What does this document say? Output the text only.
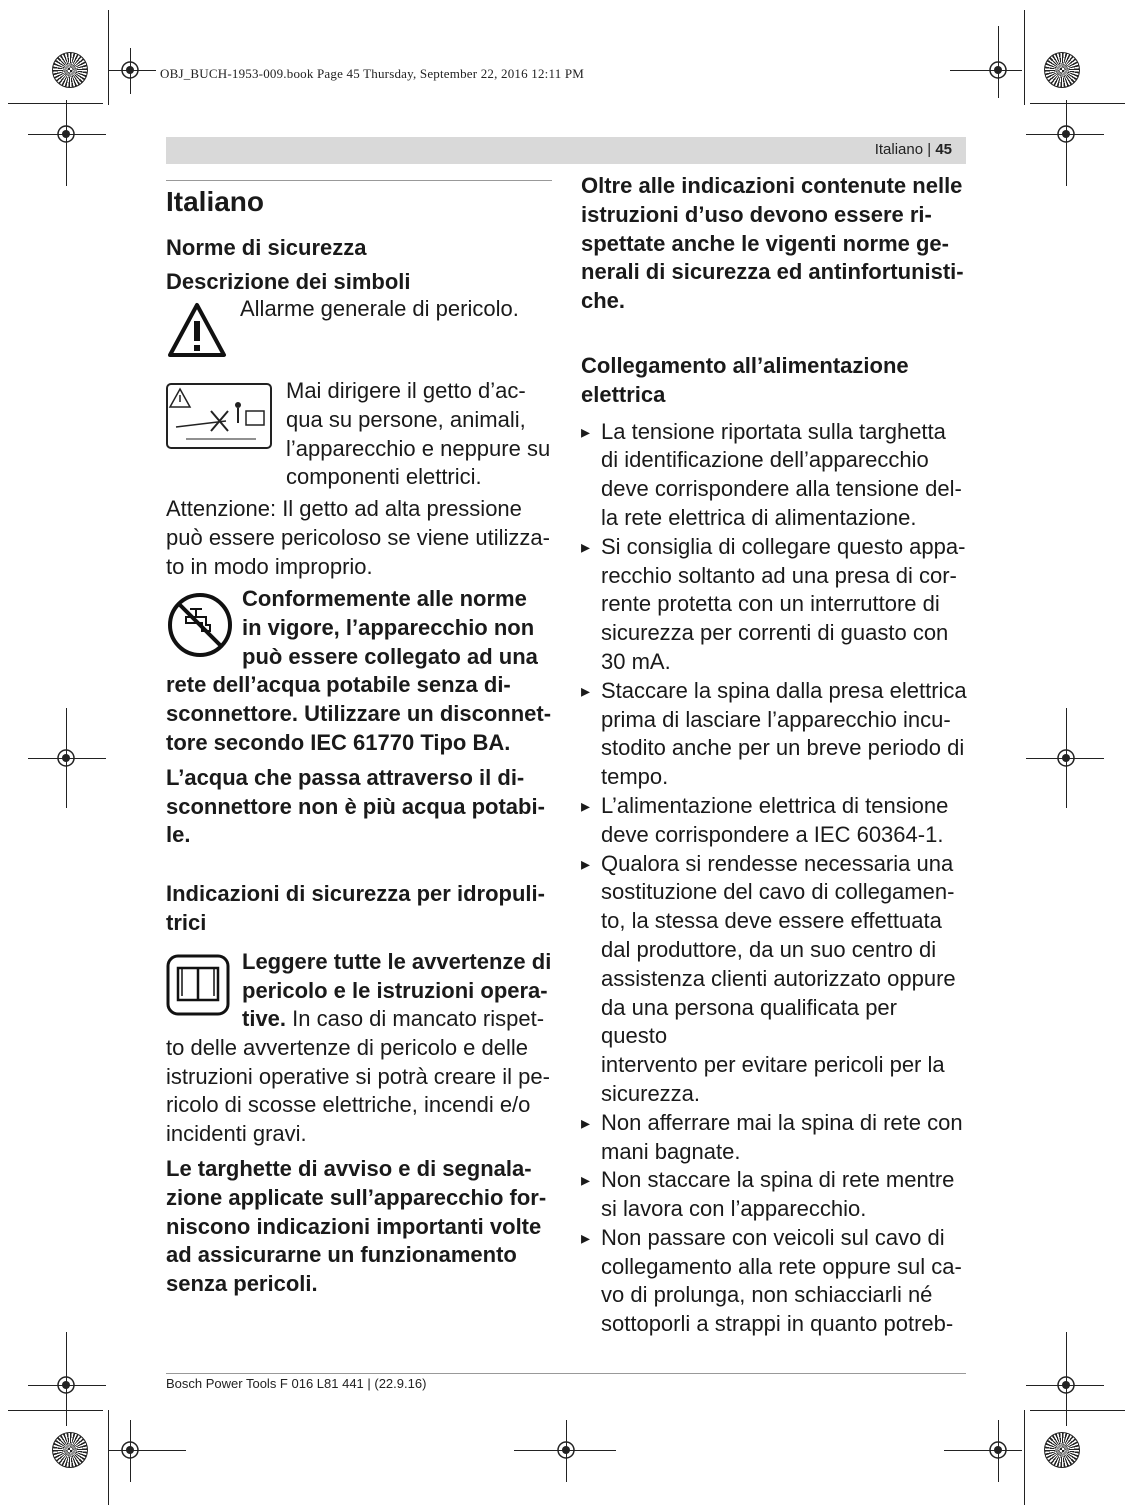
OBJ_BUCH-1953-009.book Page 45 Thursday, September 22, 2016 12:11 PM
Italiano | 45

Italiano

Norme di sicurezza

Descrizione dei simboli

Allarme generale di pericolo.

Mai dirigere il getto d’ac-
qua su persone, animali,
l’apparecchio e neppure su
componenti elettrici.

Attenzione: Il getto ad alta pressione
può essere pericoloso se viene utilizza-
to in modo improprio.

Conformemente alle norme
in vigore, l’apparecchio non
può essere collegato ad una

rete dell’acqua potabile senza di-
sconnettore. Utilizzare un disconnet-
tore secondo IEC 61770 Tipo BA.

L’acqua che passa attraverso il di-
sconnettore non è più acqua potabi-
le.

Indicazioni di sicurezza per idropuli-
trici

Leggere tutte le avvertenze di
pericolo e le istruzioni opera-
tive. In caso di mancato rispet-

to delle avvertenze di pericolo e delle
istruzioni operative si potrà creare il pe-
ricolo di scosse elettriche, incendi e/o
incidenti gravi.

Le targhette di avviso e di segnala-
zione applicate sull’apparecchio for-
niscono indicazioni importanti volte
ad assicurarne un funzionamento
senza pericoli.

Oltre alle indicazioni contenute nelle
istruzioni d’uso devono essere ri-
spettate anche le vigenti norme ge-
nerali di sicurezza ed antinfortunisti-
che.

Collegamento all’alimentazione
elettrica

▸ La tensione riportata sulla targhetta
di identificazione dell’apparecchio
deve corrispondere alla tensione del-
la rete elettrica di alimentazione.

▸ Si consiglia di collegare questo appa-
recchio soltanto ad una presa di cor-
rente protetta con un interruttore di
sicurezza per correnti di guasto con
30 mA.

▸ Staccare la spina dalla presa elettrica
prima di lasciare l’apparecchio incu-
stodito anche per un breve periodo di
tempo.

▸ L’alimentazione elettrica di tensione
deve corrispondere a IEC 60364-1.

▸ Qualora si rendesse necessaria una
sostituzione del cavo di collegamen-
to, la stessa deve essere effettuata
dal produttore, da un suo centro di
assistenza clienti autorizzato oppure
da una persona qualificata per questo
intervento per evitare pericoli per la
sicurezza.

▸ Non afferrare mai la spina di rete con
mani bagnate.

▸ Non staccare la spina di rete mentre
si lavora con l’apparecchio.

▸ Non passare con veicoli sul cavo di
collegamento alla rete oppure sul ca-
vo di prolunga, non schiacciarli né
sottoporli a strappi in quanto potreb-

Bosch Power Tools F 016 L81 441 | (22.9.16)
